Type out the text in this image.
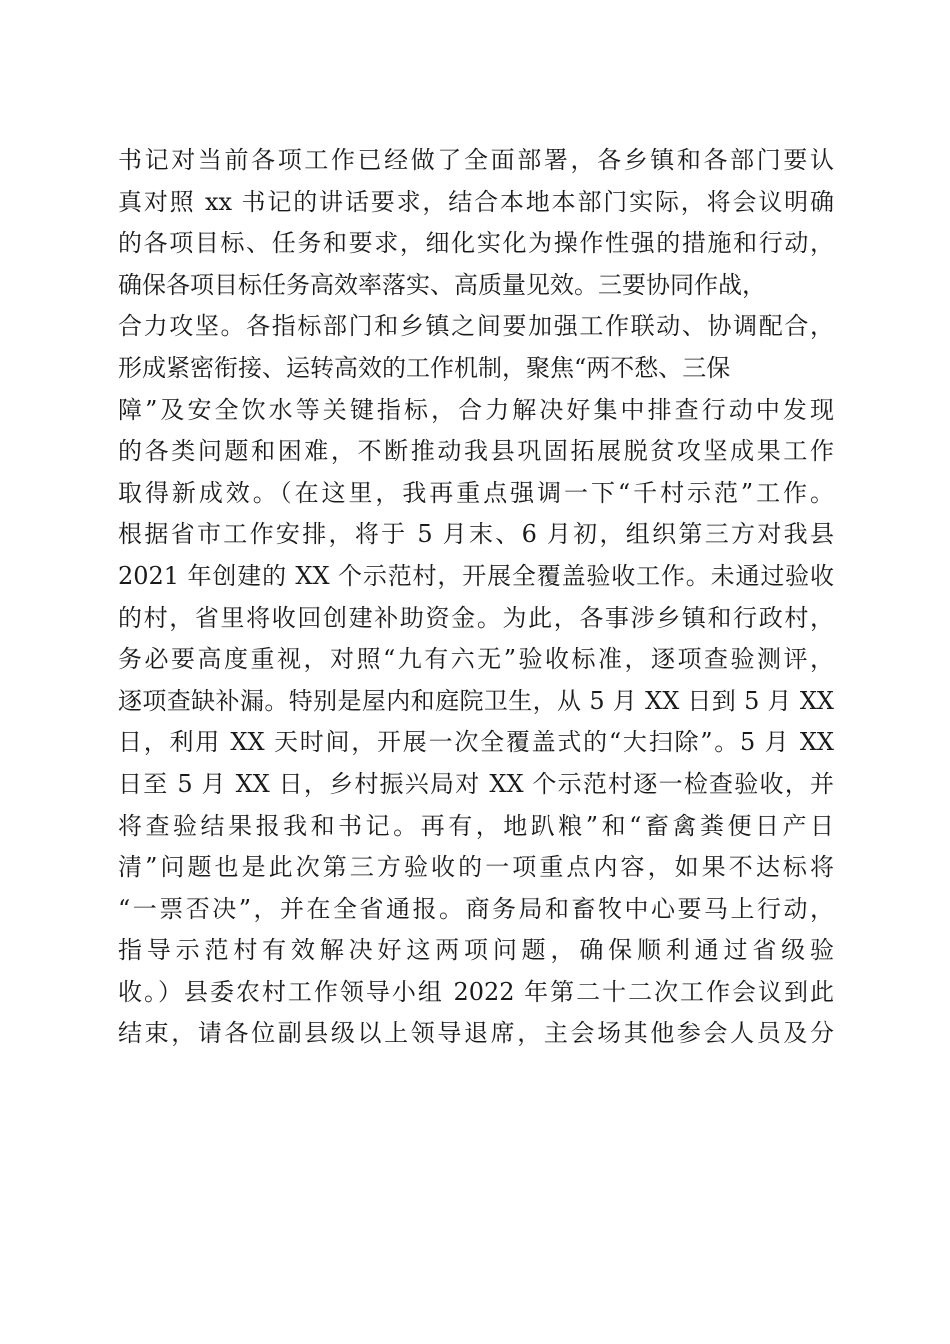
书记对当前各项工作已经做了全面部署，各乡镇和各部门要认
真对照 xx 书记的讲话要求，结合本地本部门实际，将会议明确
的各项目标、任务和要求，细化实化为操作性强的措施和行动，
确保各项目标任务高效率落实、高质量见效。三要协同作战，
合力攻坚。各指标部门和乡镇之间要加强工作联动、协调配合，
形成紧密衔接、运转高效的工作机制，聚焦“两不愁、三保
障”及安全饮水等关键指标，合力解决好集中排查行动中发现
的各类问题和困难，不断推动我县巩固拓展脱贫攻坚成果工作
取得新成效。（在这里，我再重点强调一下“千村示范”工作。
根据省市工作安排，将于 5 月末、6 月初，组织第三方对我县
2021 年创建的 XX 个示范村，开展全覆盖验收工作。未通过验收
的村，省里将收回创建补助资金。为此，各事涉乡镇和行政村，
务必要高度重视，对照“九有六无”验收标准，逐项查验测评，
逐项查缺补漏。特别是屋内和庭院卫生，从 5 月 XX 日到 5 月 XX
日，利用 XX 天时间，开展一次全覆盖式的“大扫除”。5 月 XX
日至 5 月 XX 日，乡村振兴局对 XX 个示范村逐一检查验收，并
将查验结果报我和书记。再有，地趴粮”和“畜禽粪便日产日
清”问题也是此次第三方验收的一项重点内容，如果不达标将
“一票否决”，并在全省通报。商务局和畜牧中心要马上行动，
指导示范村有效解决好这两项问题，确保顺利通过省级验
收。）县委农村工作领导小组 2022 年第二十二次工作会议到此
结束，请各位副县级以上领导退席，主会场其他参会人员及分
